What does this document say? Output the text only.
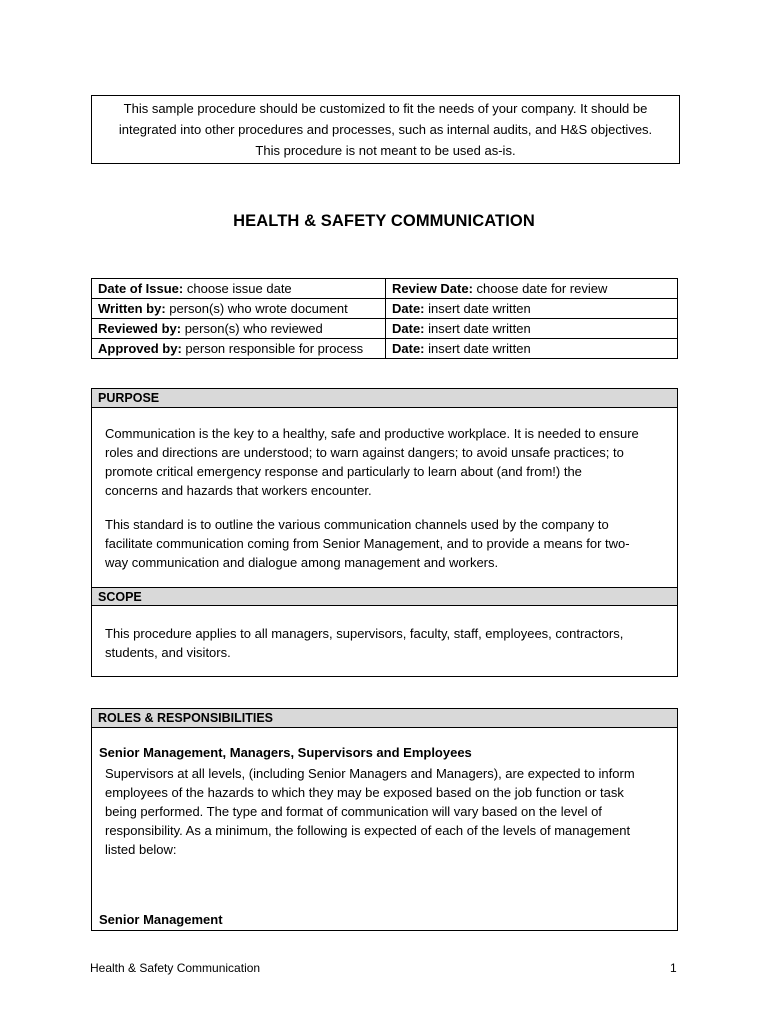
This sample procedure should be customized to fit the needs of your company. It should be
integrated into other procedures and processes, such as internal audits, and H&S objectives.
This procedure is not meant to be used as-is.
HEALTH & SAFETY COMMUNICATION
Date of Issue: choose issue date	Review Date: choose date for review
Written by: person(s) who wrote document	Date: insert date written
Reviewed by: person(s) who reviewed	Date: insert date written
Approved by: person responsible for process	Date: insert date written
PURPOSE
Communication is the key to a healthy, safe and productive workplace. It is needed to ensure
roles and directions are understood; to warn against dangers; to avoid unsafe practices; to
promote critical emergency response and particularly to learn about (and from!) the
concerns and hazards that workers encounter.
This standard is to outline the various communication channels used by the company to
facilitate communication coming from Senior Management, and to provide a means for two-
way communication and dialogue among management and workers.
SCOPE
This procedure applies to all managers, supervisors, faculty, staff, employees, contractors,
students, and visitors.
ROLES & RESPONSIBILITIES
Senior Management, Managers, Supervisors and Employees
Supervisors at all levels, (including Senior Managers and Managers), are expected to inform
employees of the hazards to which they may be exposed based on the job function or task
being performed. The type and format of communication will vary based on the level of
responsibility. As a minimum, the following is expected of each of the levels of management
listed below:
Senior Management
Health & Safety Communication	1
